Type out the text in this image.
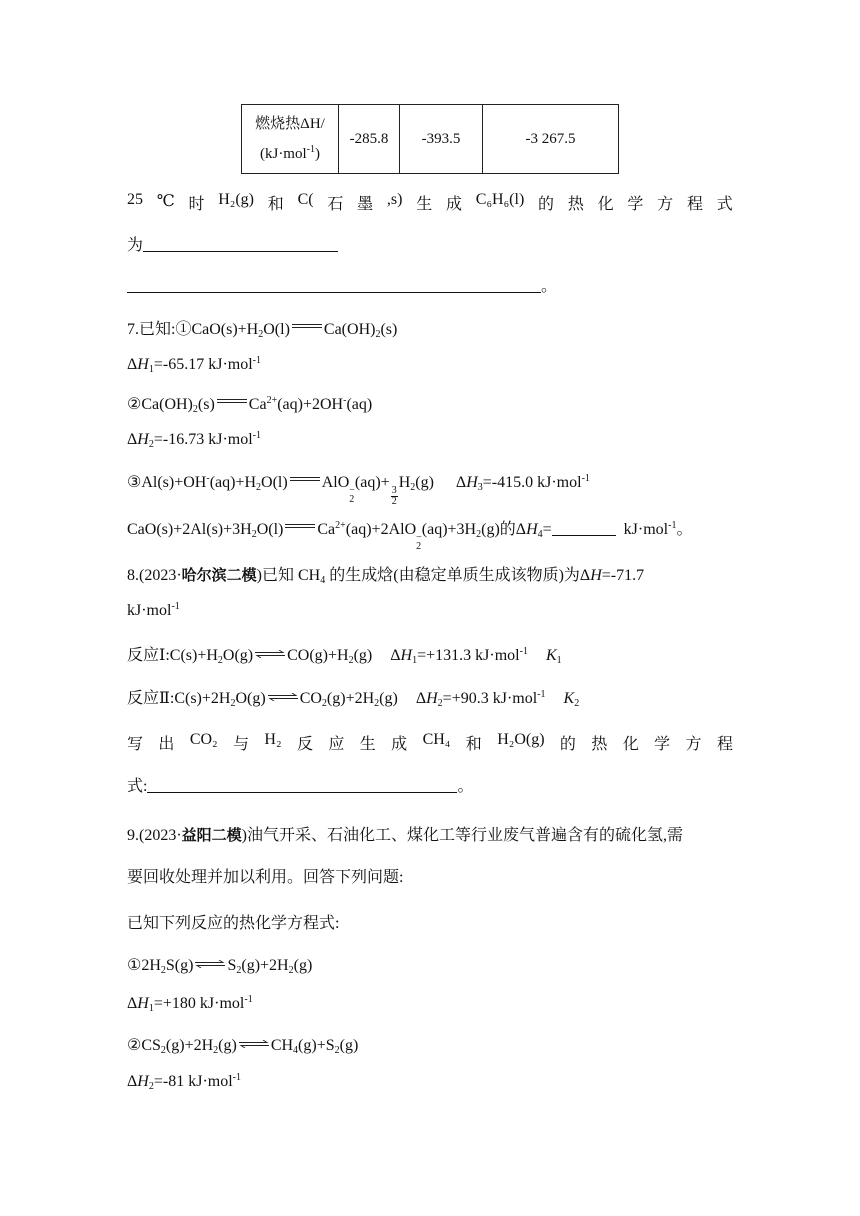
燃烧热ΔH/
(kJ·mol$^{-1}$)
	-285.8	-393.5	-3 267.5
25 ℃ 时 H₂(g) 和 C( 石 墨 ,s) 生 成 C₆H₆(l) 的 热 化 学 方 程 式
为
。
7.已知$:①CaO(s)+H_2O(l)$ $Ca(OH)_2(s)$
$\Delta H_1=-65.17$ kJ·mol$^{-1}$
$②Ca(OH)_2(s)$ $Ca^{2+}(aq)+2OH^-(aq)$
$\Delta H_2=-16.73$ kJ·mol$^{-1}$
$③Al(s)+OH^-(aq)+H_2O(l)$ AlO −
2
(aq)+
$\frac{3}{2}$
$H_2(g)$ $\Delta H_3=-415.0$ kJ·mol$^{-1}$
$CaO(s)+2Al(s)+3H_2O(l) Ca^{2+}(aq)+2AlO$ −
2
$(aq)+3H_2(g)$的$\Delta H_4=$	kJ·mol$^{-1}$。
8.(2023·哈尔滨二模)已知 $CH_4$ 的生成焓(由稳定单质生成该物质)为ΔH=-71.7
kJ·mol$^{-1}$
反应$Ⅰ:C(s)+H_2O(g)$ ⇌ $CO(g)+H_2(g)$ $\Delta H_1=+131.3$ kJ·mol$^{-1}$ $K_1$
反应$Ⅱ:C(s)+2H_2O(g)$ ⇌ $CO_2(g)+2H_2(g)$ $\Delta H_2=+90.3$ kJ·mol$^{-1}$ $K_2$
写 出 CO₂ 与 H₂ 反 应 生 成 CH₄ 和 H₂O(g) 的 热 化 学 方 程
式:	。
9.(2023·益阳二模)油气开采、石油化工、煤化工等行业废气普遍含有的硫化氢,需
要回收处理并加以利用。回答下列问题:
已知下列反应的热化学方程式:
$①2H_2S(g)$ ⇌ $S_2(g)+2H_2(g)$
$\Delta H_1=+180$ kJ·mol$^{-1}$
$②CS_2(g)+2H_2(g)$ ⇌ $CH_4(g)+S_2(g)$
$\Delta H_2=-81$ kJ·mol$^{-1}$
